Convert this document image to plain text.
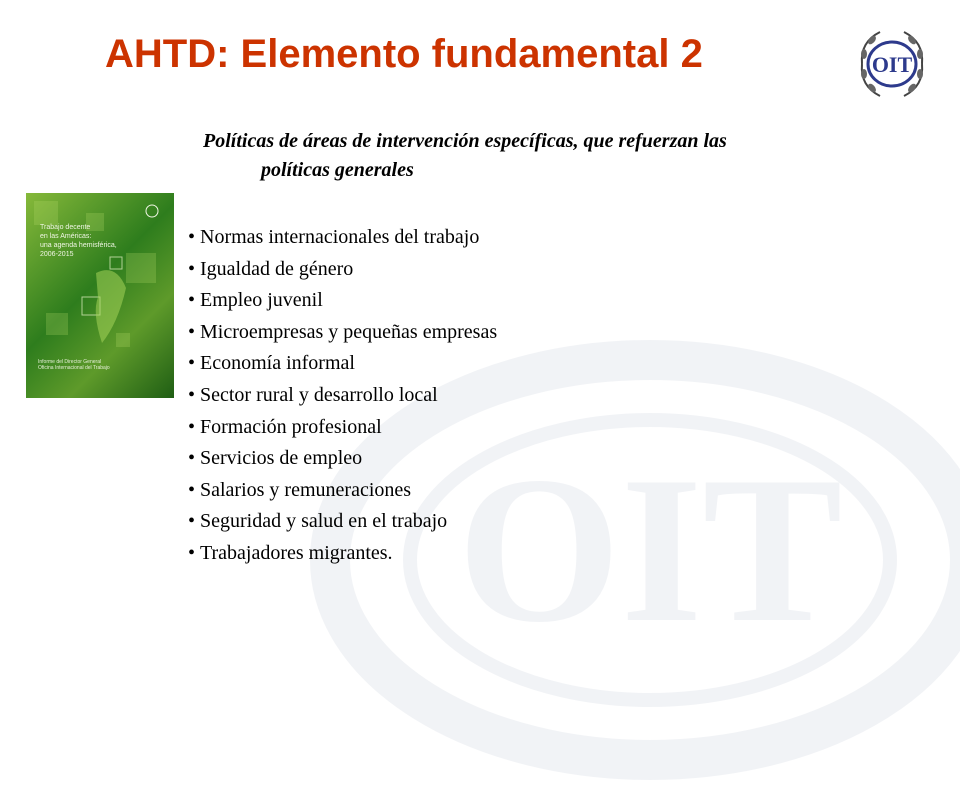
OIT
AHTD: Elemento fundamental 2	OIT

Políticas de áreas de intervención específicas, que refuerzan las
políticas generales

Trabajo decente
en las Américas:
una agenda hemisférica,
2006-2015
Informe del Director General
Oficina Internacional del Trabajo
• Normas internacionales del trabajo
• Igualdad de género
• Empleo juvenil
• Microempresas y pequeñas empresas
• Economía informal
• Sector rural y desarrollo local
• Formación profesional
• Servicios de empleo
• Salarios y remuneraciones
• Seguridad y salud en el trabajo
• Trabajadores migrantes.
